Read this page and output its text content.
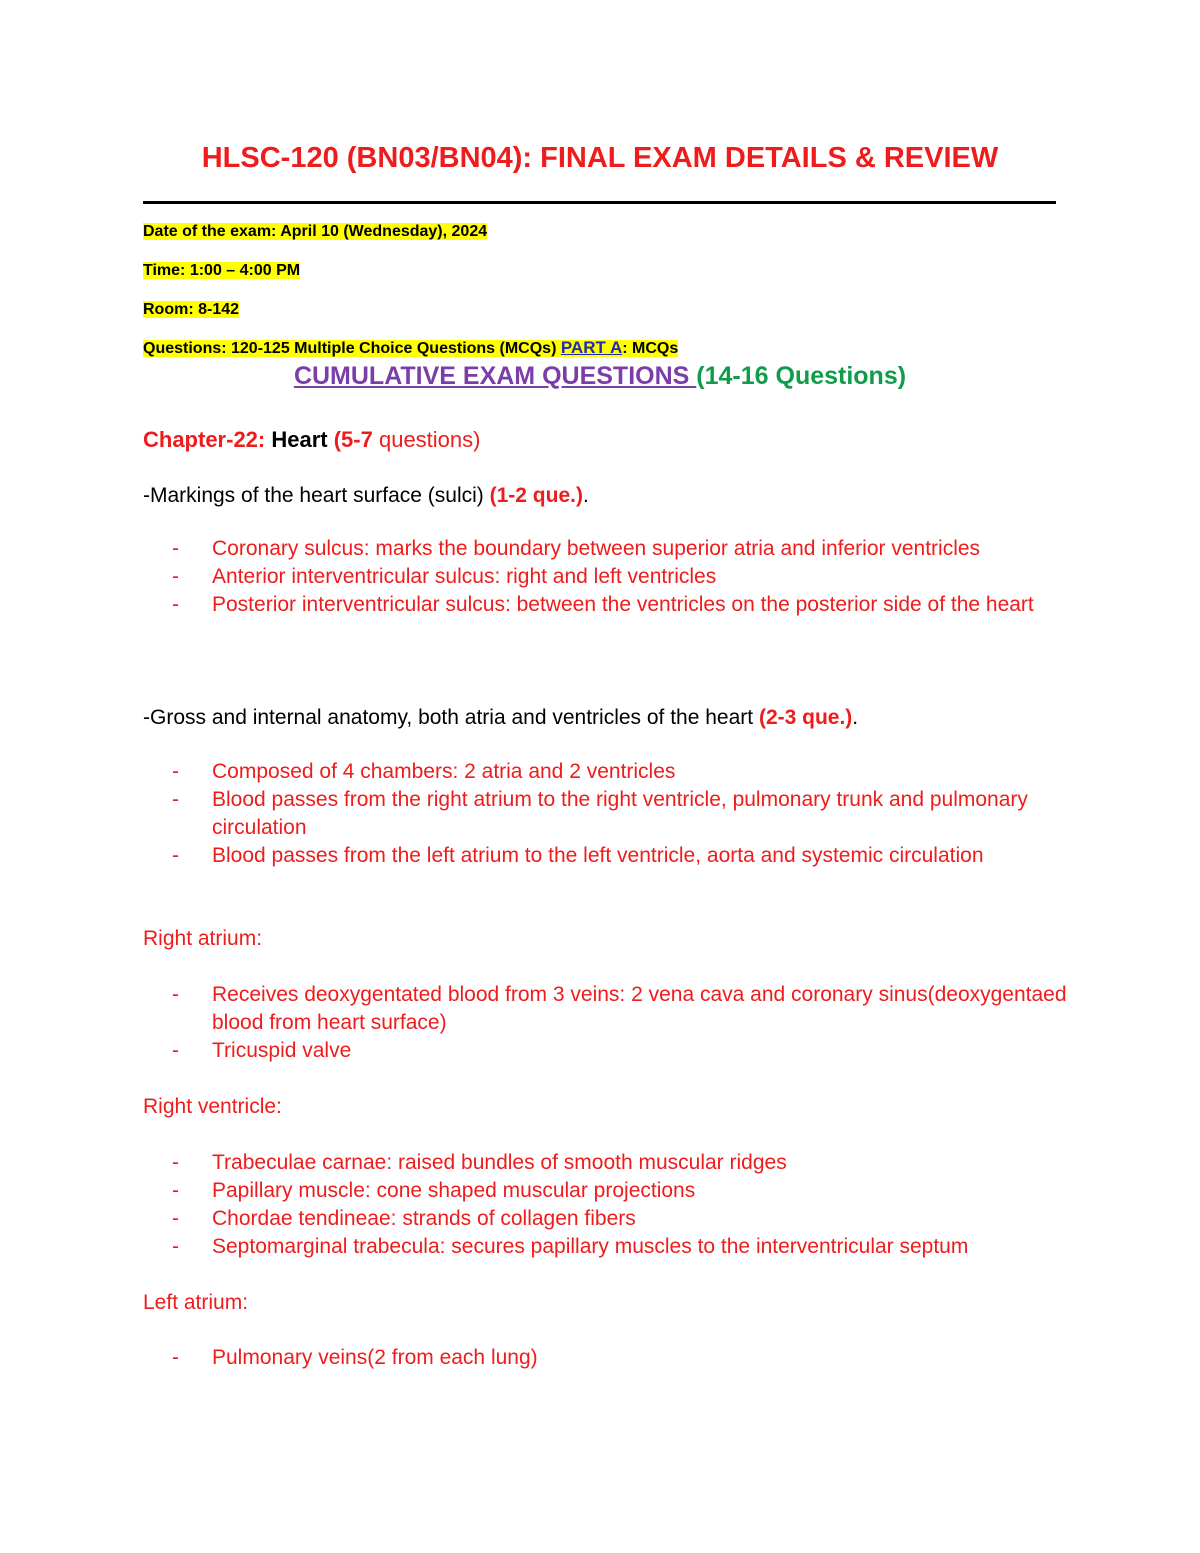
HLSC-120 (BN03/BN04): FINAL EXAM DETAILS & REVIEW
Date of the exam: April 10 (Wednesday), 2024
Time: 1:00 – 4:00 PM
Room: 8-142
Questions: 120-125 Multiple Choice Questions (MCQs) PART A: MCQs
CUMULATIVE EXAM QUESTIONS (14-16 Questions)
Chapter-22: Heart (5-7 questions)
-Markings of the heart surface (sulci) (1-2 que.).
- Coronary sulcus: marks the boundary between superior atria and inferior ventricles
- Anterior interventricular sulcus: right and left ventricles
- Posterior interventricular sulcus: between the ventricles on the posterior side of the heart
-Gross and internal anatomy, both atria and ventricles of the heart (2-3 que.).
- Composed of 4 chambers: 2 atria and 2 ventricles
- Blood passes from the right atrium to the right ventricle, pulmonary trunk and pulmonary circulation
- Blood passes from the left atrium to the left ventricle, aorta and systemic circulation
Right atrium:
- Receives deoxygentated blood from 3 veins: 2 vena cava and coronary sinus(deoxygentaed blood from heart surface)
- Tricuspid valve
Right ventricle:
- Trabeculae carnae: raised bundles of smooth muscular ridges
- Papillary muscle: cone shaped muscular projections
- Chordae tendineae: strands of collagen fibers
- Septomarginal trabecula: secures papillary muscles to the interventricular septum
Left atrium:
- Pulmonary veins(2 from each lung)
